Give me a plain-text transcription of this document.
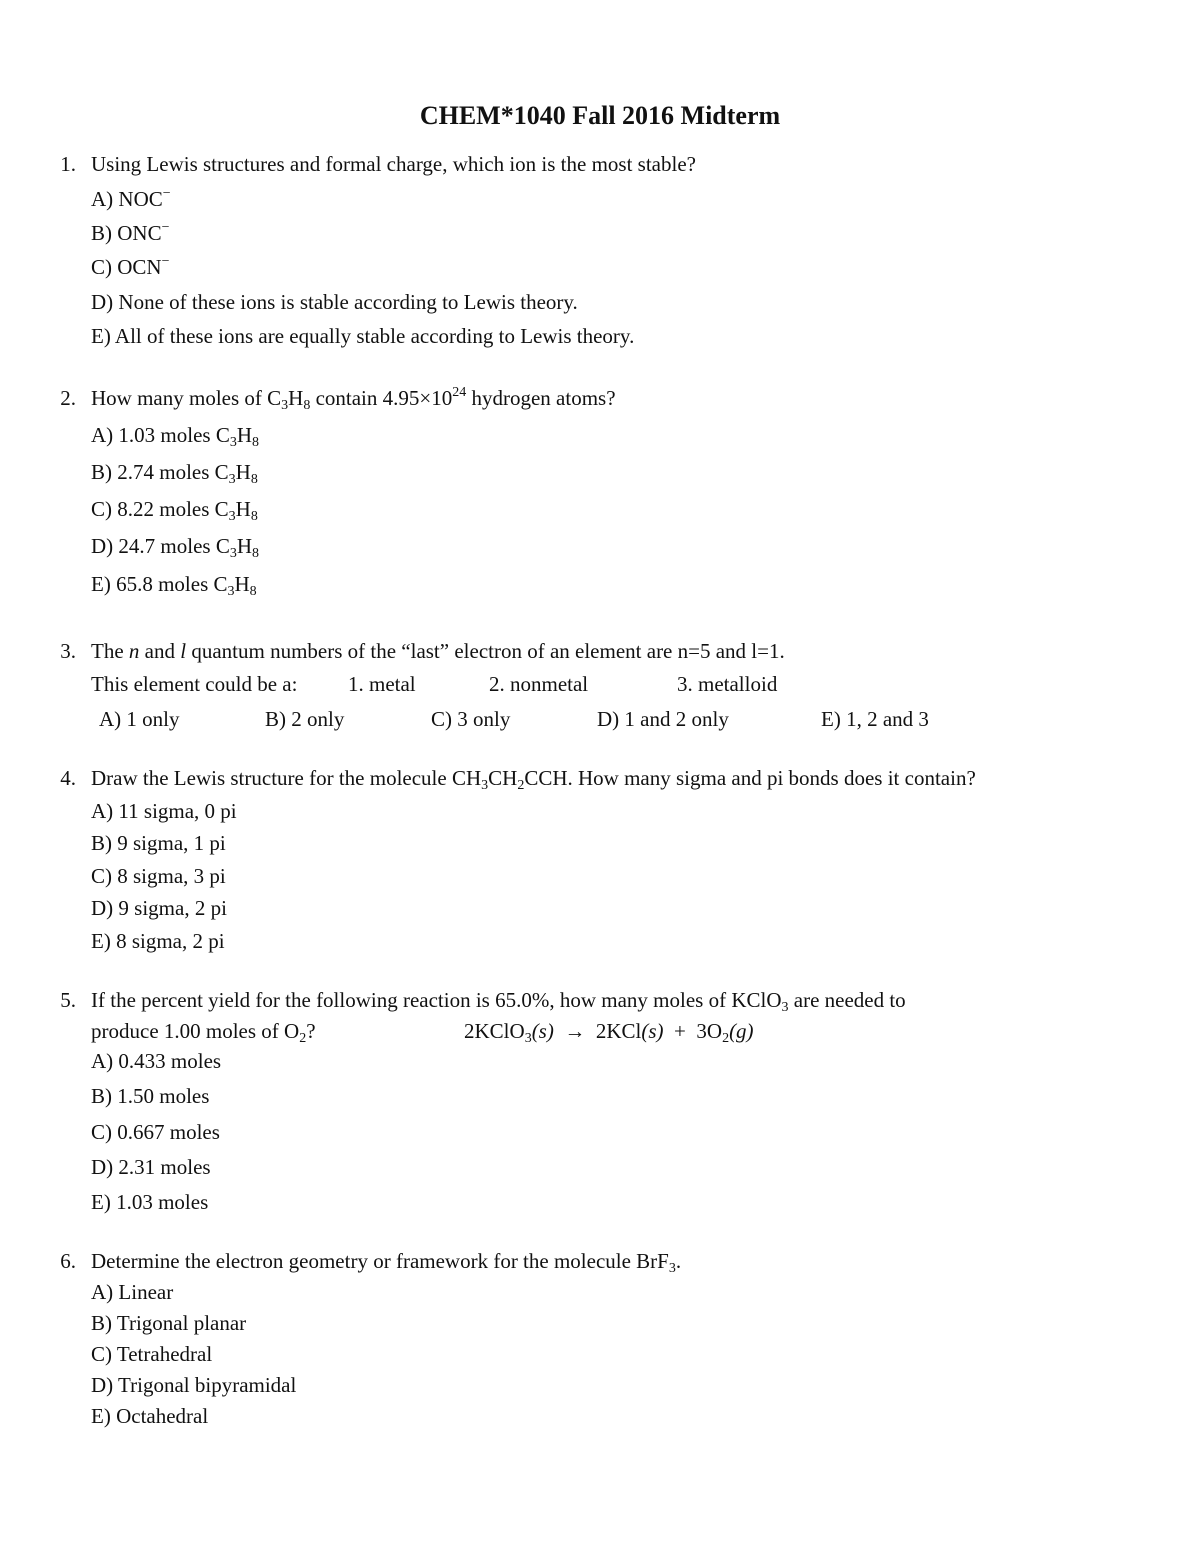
CHEM*1040 Fall 2016 Midterm
1. Using Lewis structures and formal charge, which ion is the most stable?
A) NOC−
B) ONC−
C) OCN−
D) None of these ions is stable according to Lewis theory.
E) All of these ions are equally stable according to Lewis theory.
2. How many moles of $C_3H_8$ contain $4.95\times 10^{24}$ hydrogen atoms?
A) 1.03 moles $C_3H_8$
B) 2.74 moles $C_3H_8$
C) 8.22 moles $C_3H_8$
D) 24.7 moles $C_3H_8$
E) 65.8 moles $C_3H_8$
3. The n and l quantum numbers of the “last” electron of an element are n=5 and l=1.
This element could be a: 1. metal	2. nonmetal	3. metalloid
A) 1 only	B) 2 only	C) 3 only	D) 1 and 2 only	E) 1, 2 and 3
4. Draw the Lewis structure for the molecule $CH_3CH_2CCH$. How many sigma and pi bonds does it contain?
A) 11 sigma, 0 pi
B) 9 sigma, 1 pi
C) 8 sigma, 3 pi
D) 9 sigma, 2 pi
E) 8 sigma, 2 pi
5. If the percent yield for the following reaction is 65.0%, how many moles of KClO$_3$ are needed to
produce 1.00 moles of $O_2$?	2KClO$_3$(s) → $2KCl(s) + 3O_2(g)$
A) 0.433 moles
B) 1.50 moles
C) 0.667 moles
D) 2.31 moles
E) 1.03 moles
6. Determine the electron geometry or framework for the molecule BrF$_3$.
A) Linear
B) Trigonal planar
C) Tetrahedral
D) Trigonal bipyramidal
E) Octahedral
